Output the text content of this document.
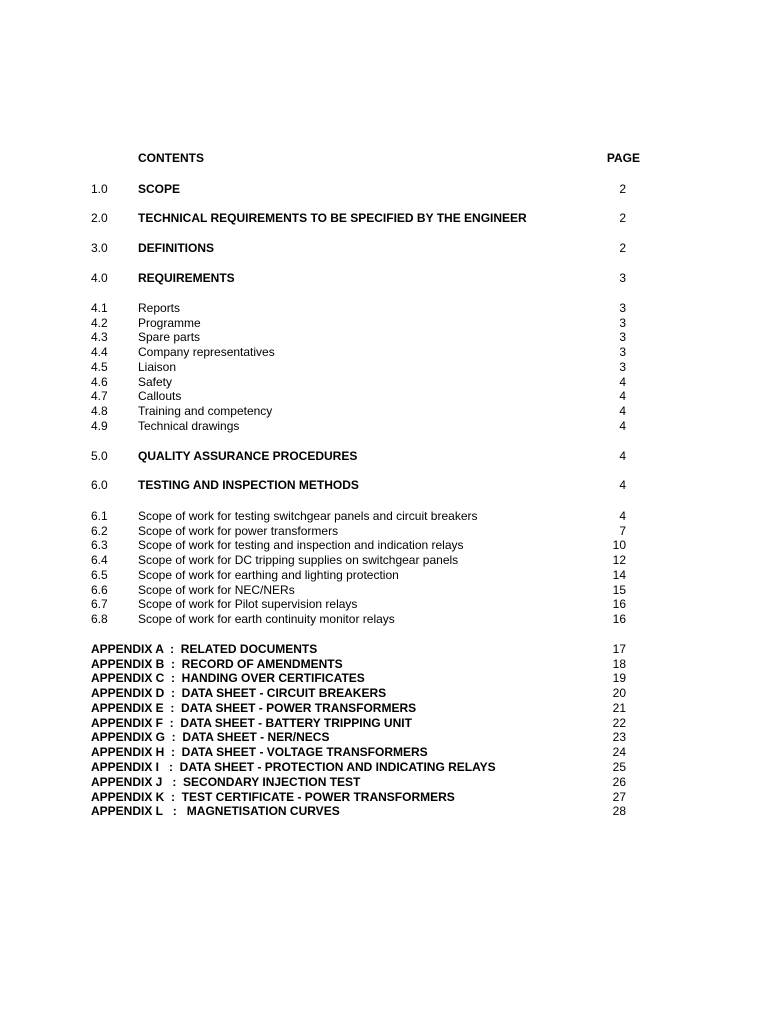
CONTENTS	PAGE
1.0	SCOPE	2
2.0	TECHNICAL REQUIREMENTS TO BE SPECIFIED BY THE ENGINEER	2
3.0	DEFINITIONS	2
4.0	REQUIREMENTS	3
4.1	Reports	3
4.2	Programme	3
4.3	Spare parts	3
4.4	Company representatives	3
4.5	Liaison	3
4.6	Safety	4
4.7	Callouts	4
4.8	Training and competency	4
4.9	Technical drawings	4
5.0	QUALITY ASSURANCE PROCEDURES	4
6.0	TESTING AND INSPECTION METHODS	4
6.1	Scope of work for testing switchgear panels and circuit breakers	4
6.2	Scope of work for power transformers	7
6.3	Scope of work for testing and inspection and indication relays	10
6.4	Scope of work for DC tripping supplies on switchgear panels	12
6.5	Scope of work for earthing and lighting protection	14
6.6	Scope of work for NEC/NERs	15
6.7	Scope of work for Pilot supervision relays	16
6.8	Scope of work for earth continuity monitor relays	16
APPENDIX A  :  RELATED DOCUMENTS	17
APPENDIX B  :  RECORD OF AMENDMENTS	18
APPENDIX C  :  HANDING OVER CERTIFICATES	19
APPENDIX D  :  DATA SHEET - CIRCUIT BREAKERS	20
APPENDIX E  :  DATA SHEET - POWER TRANSFORMERS	21
APPENDIX F  :  DATA SHEET - BATTERY TRIPPING UNIT	22
APPENDIX G  :  DATA SHEET - NER/NECS	23
APPENDIX H  :  DATA SHEET - VOLTAGE TRANSFORMERS	24
APPENDIX I   :  DATA SHEET - PROTECTION AND INDICATING RELAYS	25
APPENDIX J   :  SECONDARY INJECTION TEST	26
APPENDIX K  :  TEST CERTIFICATE - POWER TRANSFORMERS	27
APPENDIX L   :   MAGNETISATION CURVES	28
